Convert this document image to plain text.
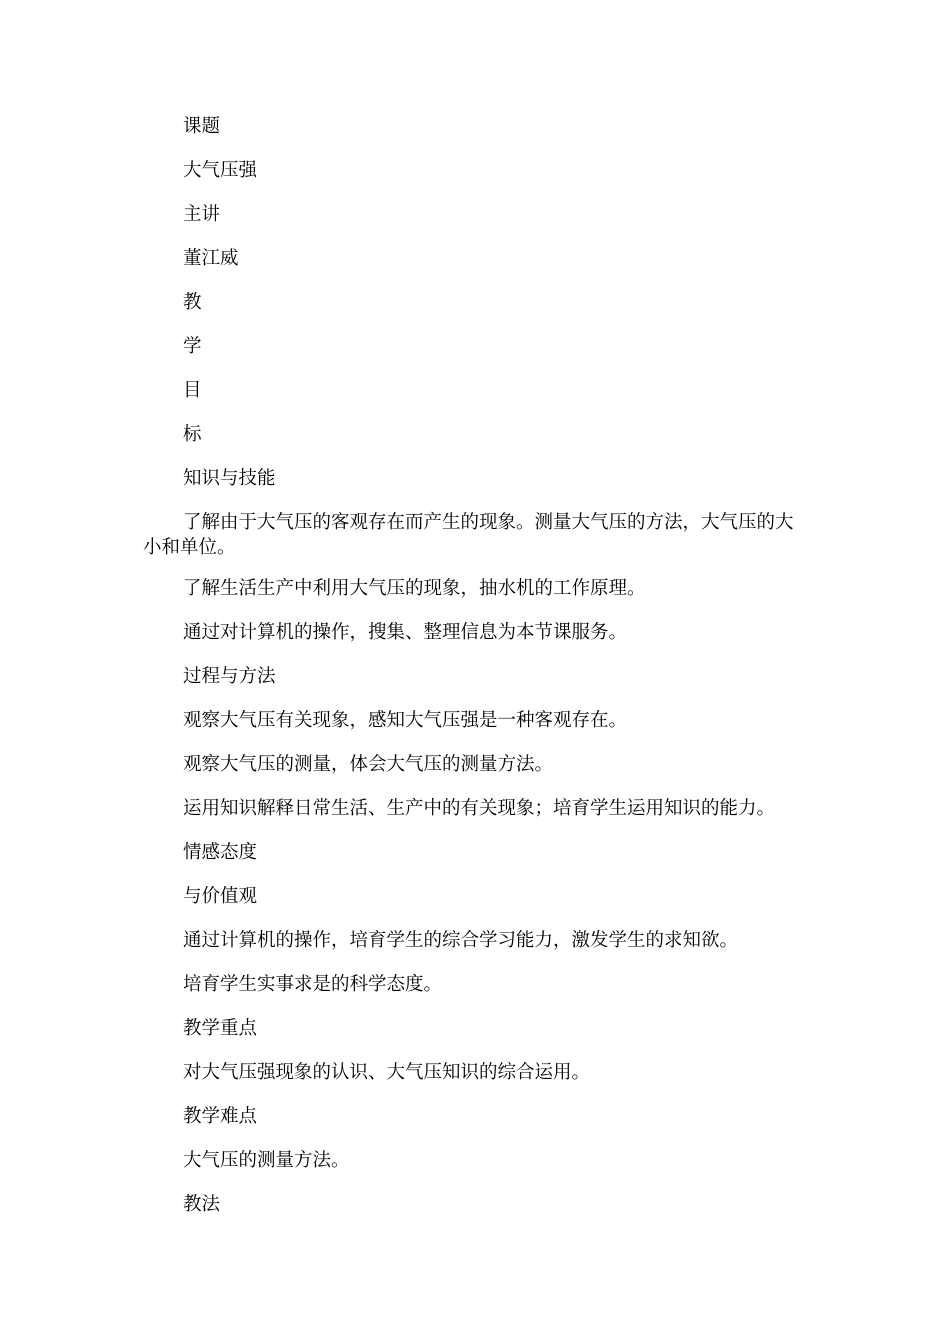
课题

大气压强

主讲

董江威

教

学

目

标

知识与技能

了解由于大气压的客观存在而产生的现象。测量大气压的方法，大气压的大小和单位。

了解生活生产中利用大气压的现象，抽水机的工作原理。

通过对计算机的操作，搜集、整理信息为本节课服务。

过程与方法

观察大气压有关现象，感知大气压强是一种客观存在。

观察大气压的测量，体会大气压的测量方法。

运用知识解释日常生活、生产中的有关现象；培育学生运用知识的能力。

情感态度

与价值观

通过计算机的操作，培育学生的综合学习能力，激发学生的求知欲。

培育学生实事求是的科学态度。

教学重点

对大气压强现象的认识、大气压知识的综合运用。

教学难点

大气压的测量方法。

教法
